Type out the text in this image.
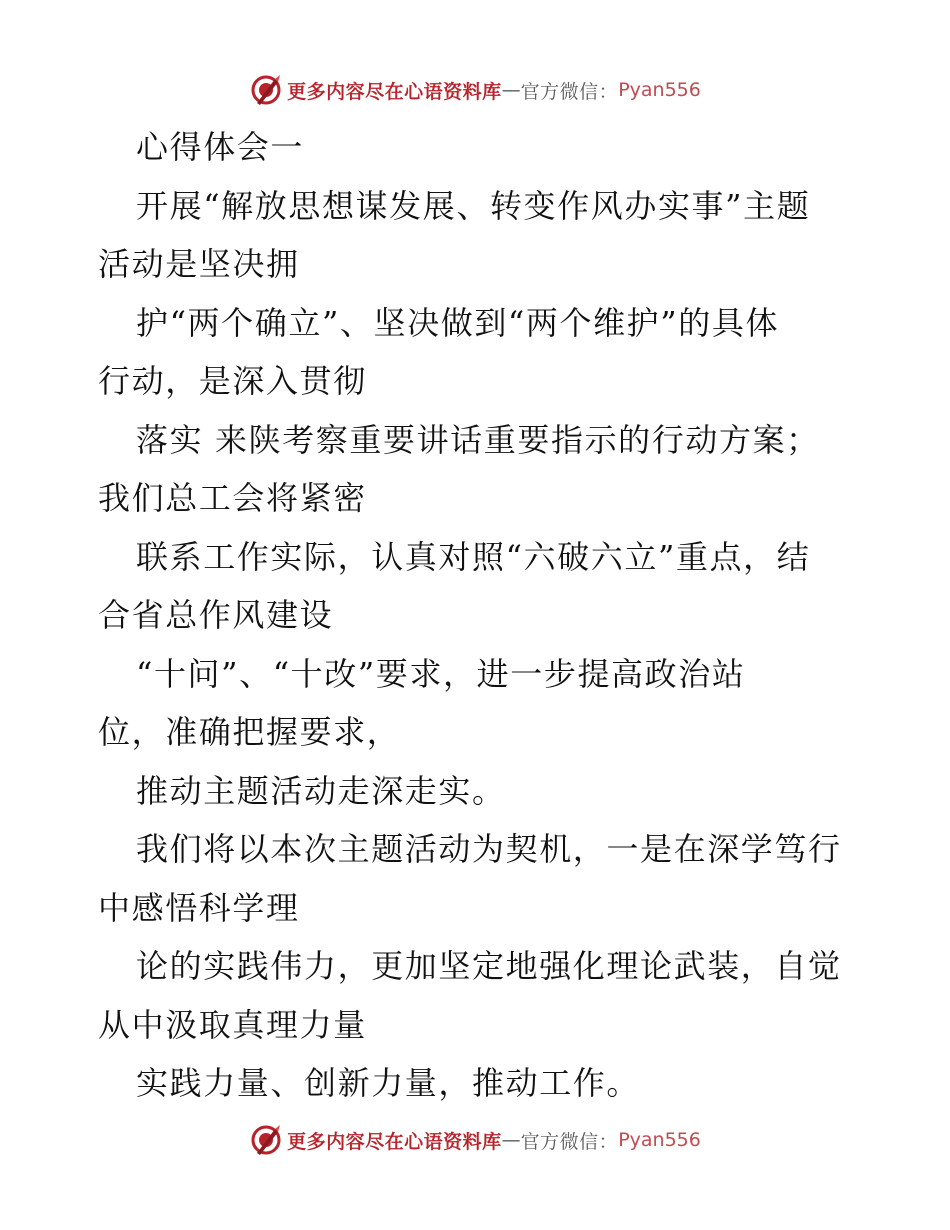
更多内容尽在心语资料库 — 官方微信： Pyan556

心得体会一

开展“解放思想谋发展、转变作风办实事”主题
活动是坚决拥

护“两个确立”、坚决做到“两个维护”的具体
行动，是深入贯彻

落实 来陕考察重要讲话重要指示的行动方案；
我们总工会将紧密

联系工作实际，认真对照“六破六立”重点，结
合省总作风建设

“十问”、“十改”要求，进一步提高政治站
位，准确把握要求，

推动主题活动走深走实。

我们将以本次主题活动为契机，一是在深学笃行
中感悟科学理

论的实践伟力，更加坚定地强化理论武装，自觉
从中汲取真理力量

实践力量、创新力量，推动工作。

更多内容尽在心语资料库 — 官方微信： Pyan556
